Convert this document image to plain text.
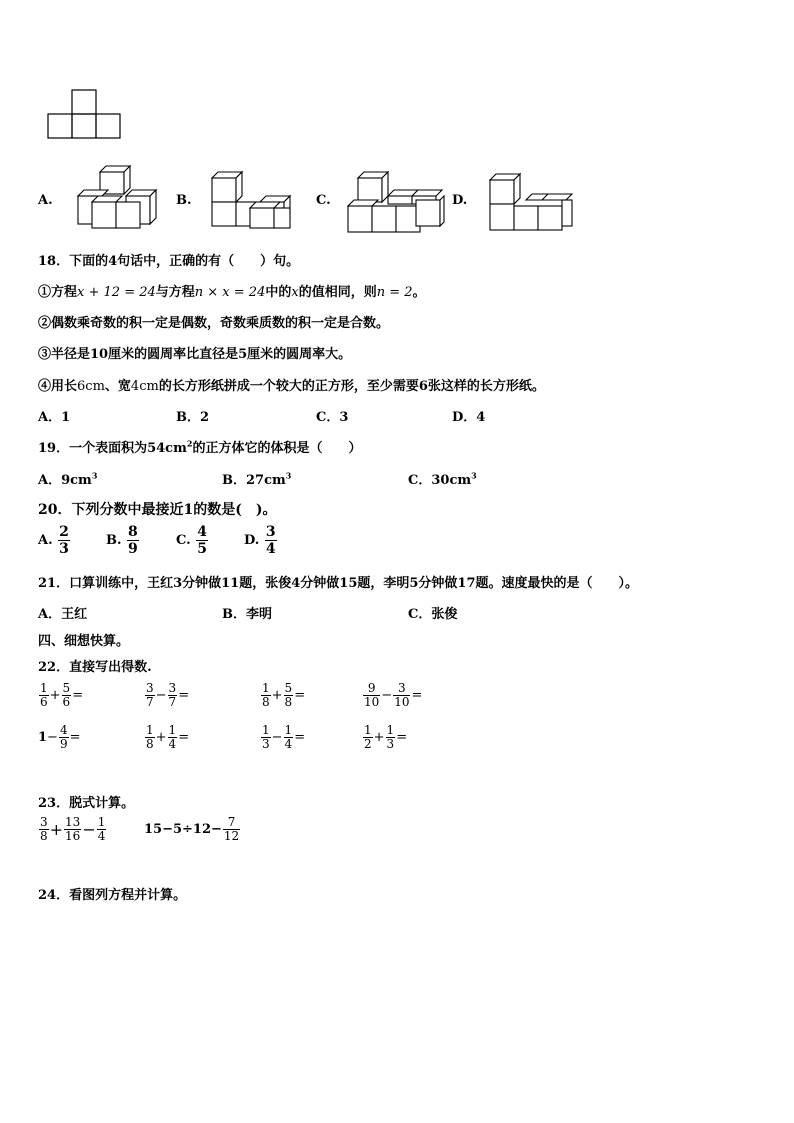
A.	B.	C.	D.
18．下面的4句话中，正确的有（　　）句。
①方程x + 12 = 24与方程n × x = 24中的x的值相同，则n = 2。
②偶数乘奇数的积一定是偶数，奇数乘质数的积一定是合数。
③半径是10厘米的圆周率比直径是5厘米的圆周率大。
④用长6cm、宽4cm的长方形纸拼成一个较大的正方形，至少需要6张这样的长方形纸。
A．1	B．2	C．3	D．4
19．一个表面积为$54cm^2$的正方体它的体积是（　　）
A．$9cm^3$	B．$27cm^3$	C．$30cm^3$
20．下列分数中最接近1的数是(　)。
A. $\frac{2}{3}$	B. $\frac{8}{9}$	C. $\frac{4}{5}$	D. $\frac{3}{4}$
21．口算训练中，王红3分钟做11题，张俊4分钟做15题，李明5分钟做17题。速度最快的是（　　）。
A．王红	B．李明	C．张俊
四、细想快算。
22．直接写出得数.
$\frac{1}{6} + \frac{5}{6}$ =	$\frac{3}{7} - \frac{3}{7}$ =	$\frac{1}{8} + \frac{5}{8}$ =	$\frac{9}{10} - \frac{3}{10}$ =
$1- \frac{4}{9}$ =	$\frac{1}{8} + \frac{1}{4}$ =	$\frac{1}{3} - \frac{1}{4}$ =	$\frac{1}{2} + \frac{1}{3}$ =
23．脱式计算。
$\frac{3}{8} + \frac{13}{16} - \frac{1}{4}$	$15-5\div 12- \frac{7}{12}$
24．看图列方程并计算。
